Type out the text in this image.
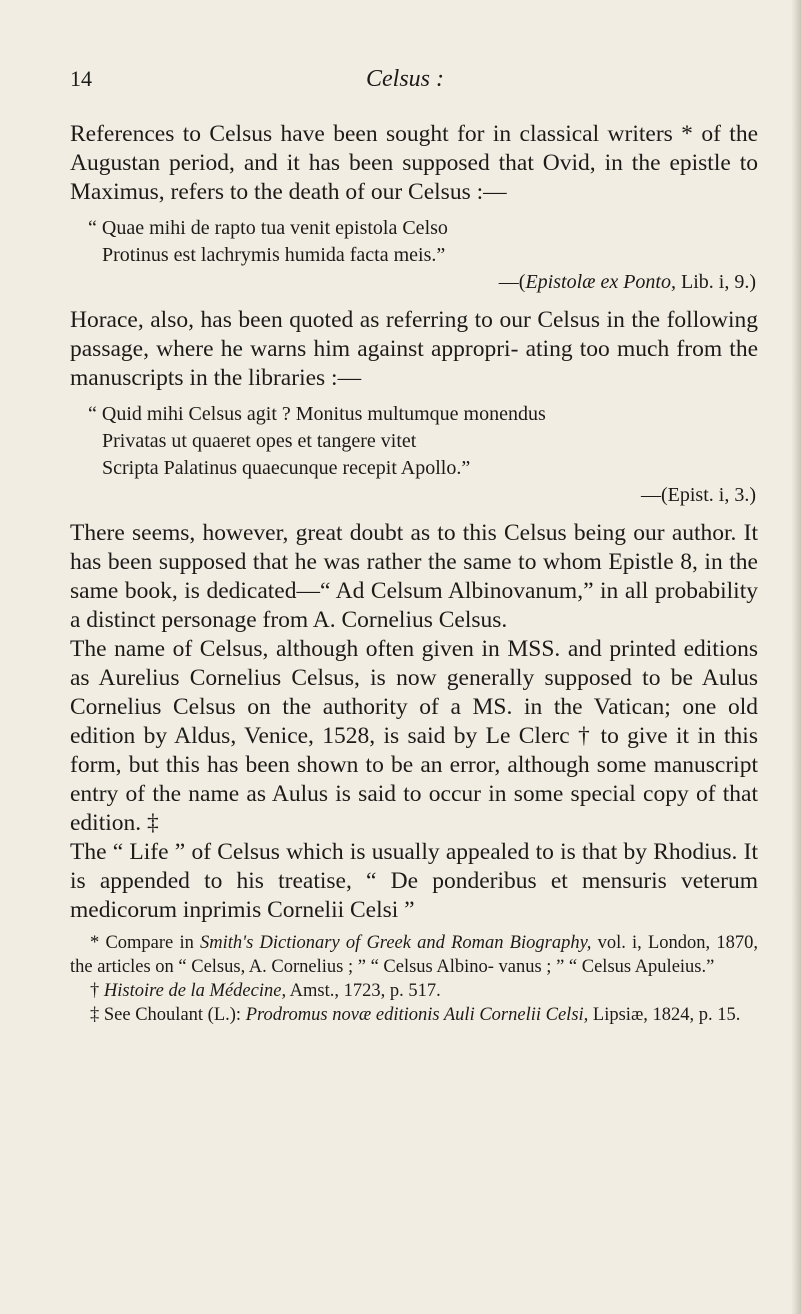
14	Celsus :

References to Celsus have been sought for in classical writers * of the Augustan period, and it has been supposed that Ovid, in the epistle to Maximus, refers to the death of our Celsus :—

“ Quae mihi de rapto tua venit epistola Celso
Protinus est lachrymis humida facta meis.”
—(Epistolæ ex Ponto, Lib. i, 9.)

Horace, also, has been quoted as referring to our Celsus in the following passage, where he warns him against appropri- ating too much from the manuscripts in the libraries :—

“ Quid mihi Celsus agit ? Monitus multumque monendus
Privatas ut quaeret opes et tangere vitet
Scripta Palatinus quaecunque recepit Apollo.”
—(Epist. i, 3.)

There seems, however, great doubt as to this Celsus being our author. It has been supposed that he was rather the same to whom Epistle 8, in the same book, is dedicated—“ Ad Celsum Albinovanum,” in all probability a distinct personage from A. Cornelius Celsus.

The name of Celsus, although often given in MSS. and printed editions as Aurelius Cornelius Celsus, is now generally supposed to be Aulus Cornelius Celsus on the authority of a MS. in the Vatican; one old edition by Aldus, Venice, 1528, is said by Le Clerc † to give it in this form, but this has been shown to be an error, although some manuscript entry of the name as Aulus is said to occur in some special copy of that edition. ‡

The “ Life ” of Celsus which is usually appealed to is that by Rhodius. It is appended to his treatise, “ De ponderibus et mensuris veterum medicorum inprimis Cornelii Celsi ”

* Compare in Smith's Dictionary of Greek and Roman Biography, vol. i, London, 1870, the articles on “ Celsus, A. Cornelius ; ” “ Celsus Albino- vanus ; ” “ Celsus Apuleius.”

† Histoire de la Médecine, Amst., 1723, p. 517.

‡ See Choulant (L.): Prodromus novæ editionis Auli Cornelii Celsi, Lipsiæ, 1824, p. 15.
